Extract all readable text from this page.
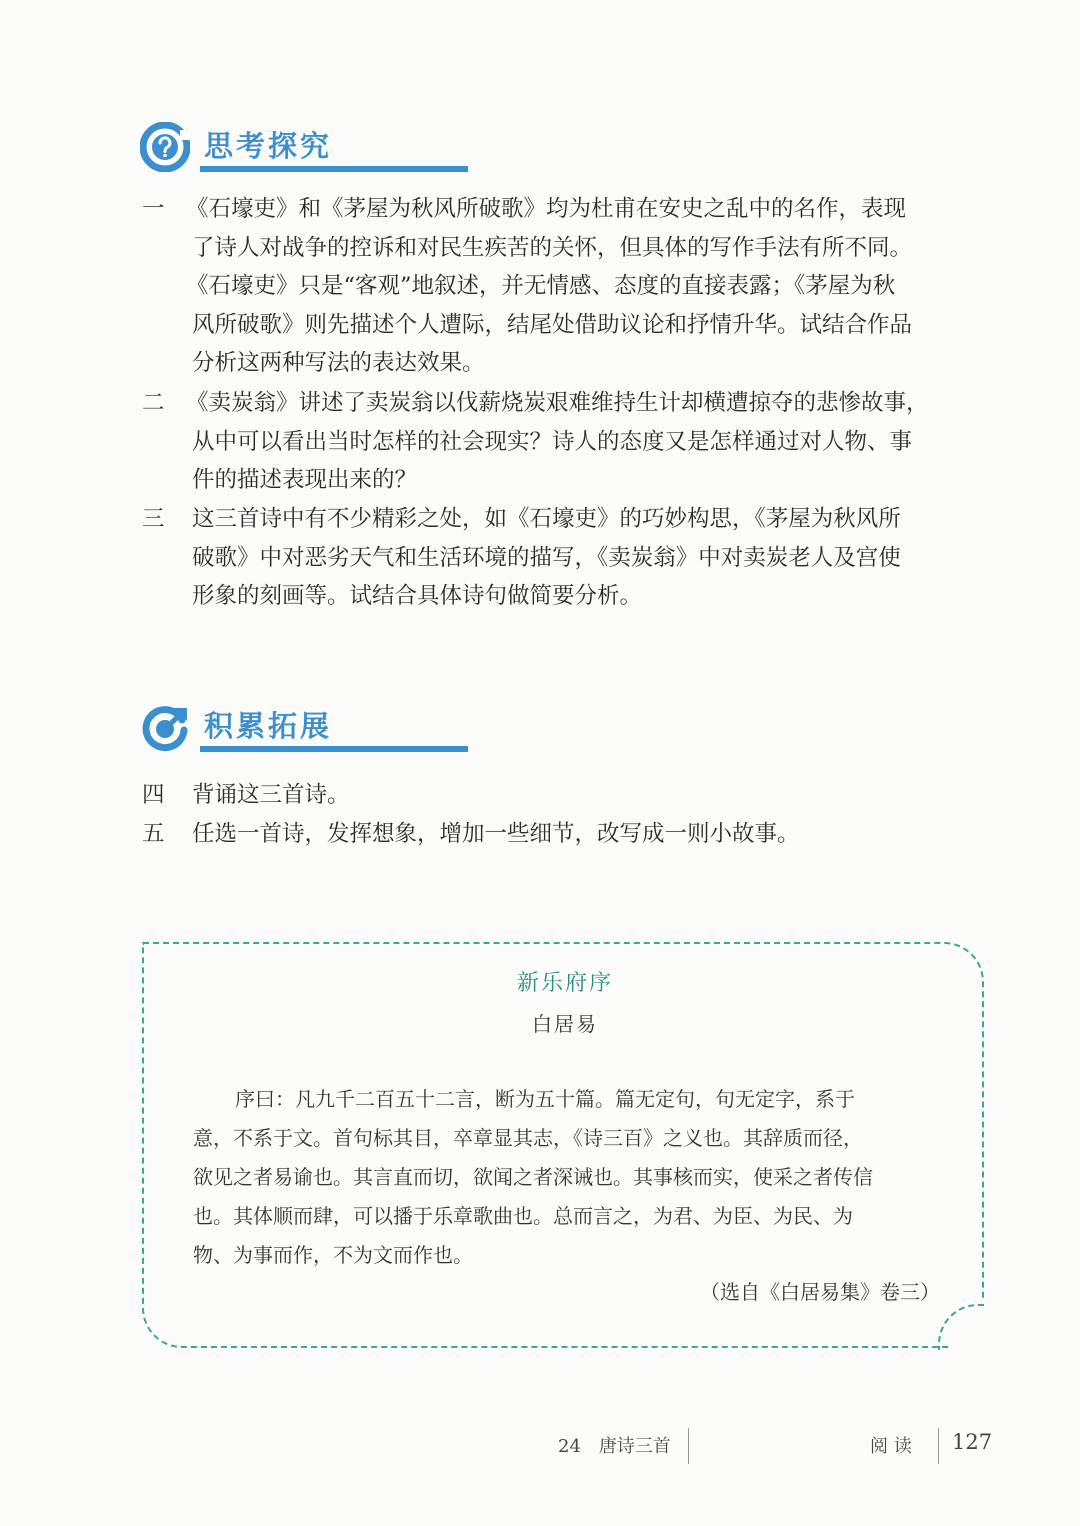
思考探究
一 《石壕吏》和《茅屋为秋风所破歌》均为杜甫在安史之乱中的名作，表现
了诗人对战争的控诉和对民生疾苦的关怀，但具体的写作手法有所不同。
《石壕吏》只是“客观”地叙述，并无情感、态度的直接表露；《茅屋为秋
风所破歌》则先描述个人遭际，结尾处借助议论和抒情升华。试结合作品
分析这两种写法的表达效果。
二 《卖炭翁》讲述了卖炭翁以伐薪烧炭艰难维持生计却横遭掠夺的悲惨故事，
从中可以看出当时怎样的社会现实？诗人的态度又是怎样通过对人物、事
件的描述表现出来的？
三 这三首诗中有不少精彩之处，如《石壕吏》的巧妙构思，《茅屋为秋风所
破歌》中对恶劣天气和生活环境的描写，《卖炭翁》中对卖炭老人及宫使
形象的刻画等。试结合具体诗句做简要分析。
积累拓展
四 背诵这三首诗。
五 任选一首诗，发挥想象，增加一些细节，改写成一则小故事。
新乐府序
白居易
序曰：凡九千二百五十二言，断为五十篇。篇无定句，句无定字，系于
意，不系于文。首句标其目，卒章显其志，《诗三百》之义也。其辞质而径，
欲见之者易谕也。其言直而切，欲闻之者深诫也。其事核而实，使采之者传信
也。其体顺而肆，可以播于乐章歌曲也。总而言之，为君、为臣、为民、为
物、为事而作，不为文而作也。
（选自《白居易集》卷三）
24　唐诗三首	阅 读 127
